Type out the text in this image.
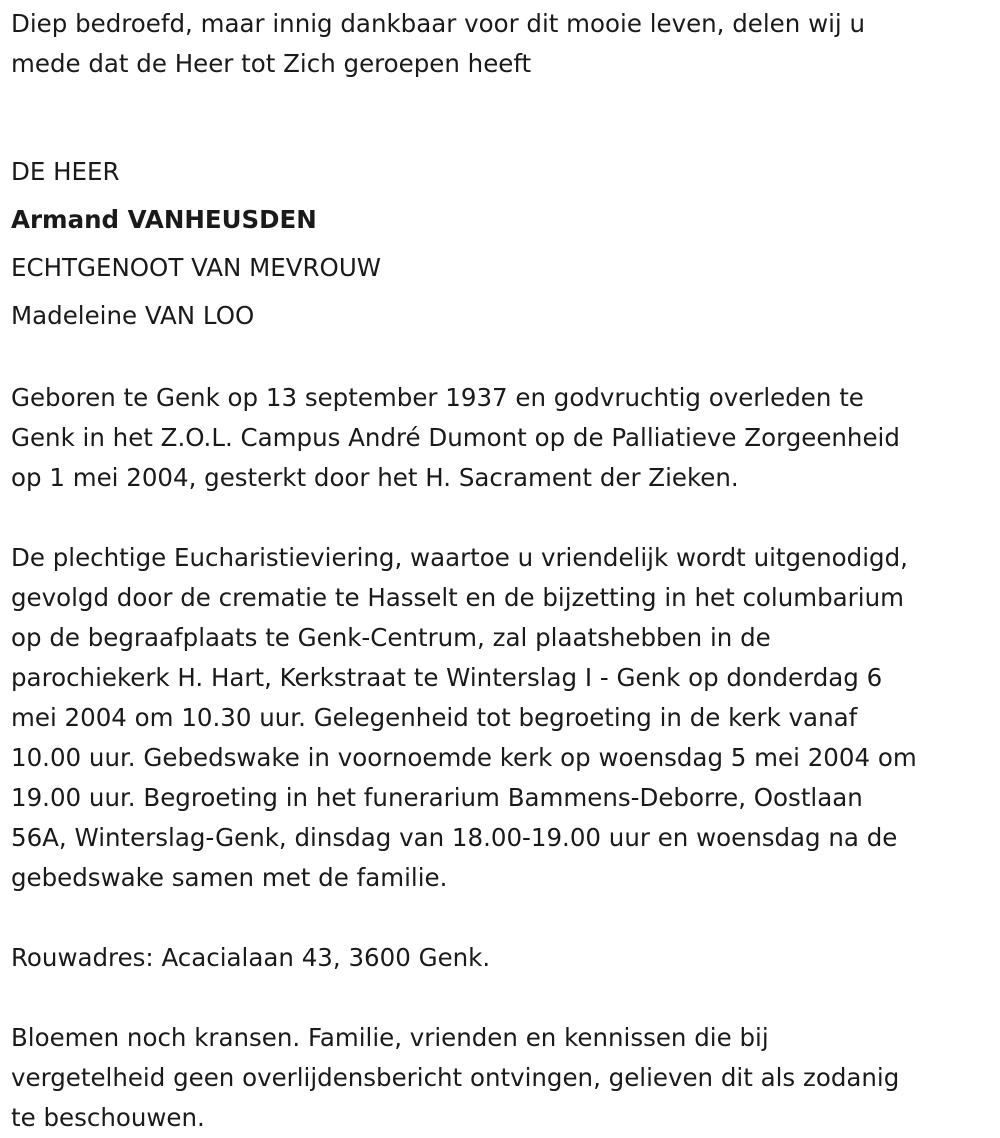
Diep bedroefd, maar innig dankbaar voor dit mooie leven, delen wij u
mede dat de Heer tot Zich geroepen heeft

DE HEER
Armand VANHEUSDEN
ECHTGENOOT VAN MEVROUW
Madeleine VAN LOO

Geboren te Genk op 13 september 1937 en godvruchtig overleden te
Genk in het Z.O.L. Campus André Dumont op de Palliatieve Zorgeenheid
op 1 mei 2004, gesterkt door het H. Sacrament der Zieken.

De plechtige Eucharistieviering, waartoe u vriendelijk wordt uitgenodigd,
gevolgd door de crematie te Hasselt en de bijzetting in het columbarium
op de begraafplaats te Genk-Centrum, zal plaatshebben in de
parochiekerk H. Hart, Kerkstraat te Winterslag I - Genk op donderdag 6
mei 2004 om 10.30 uur. Gelegenheid tot begroeting in de kerk vanaf
10.00 uur. Gebedswake in voornoemde kerk op woensdag 5 mei 2004 om
19.00 uur. Begroeting in het funerarium Bammens-Deborre, Oostlaan
56A, Winterslag-Genk, dinsdag van 18.00-19.00 uur en woensdag na de
gebedswake samen met de familie.

Rouwadres: Acacialaan 43, 3600 Genk.

Bloemen noch kransen. Familie, vrienden en kennissen die bij
vergetelheid geen overlijdensbericht ontvingen, gelieven dit als zodanig
te beschouwen.
